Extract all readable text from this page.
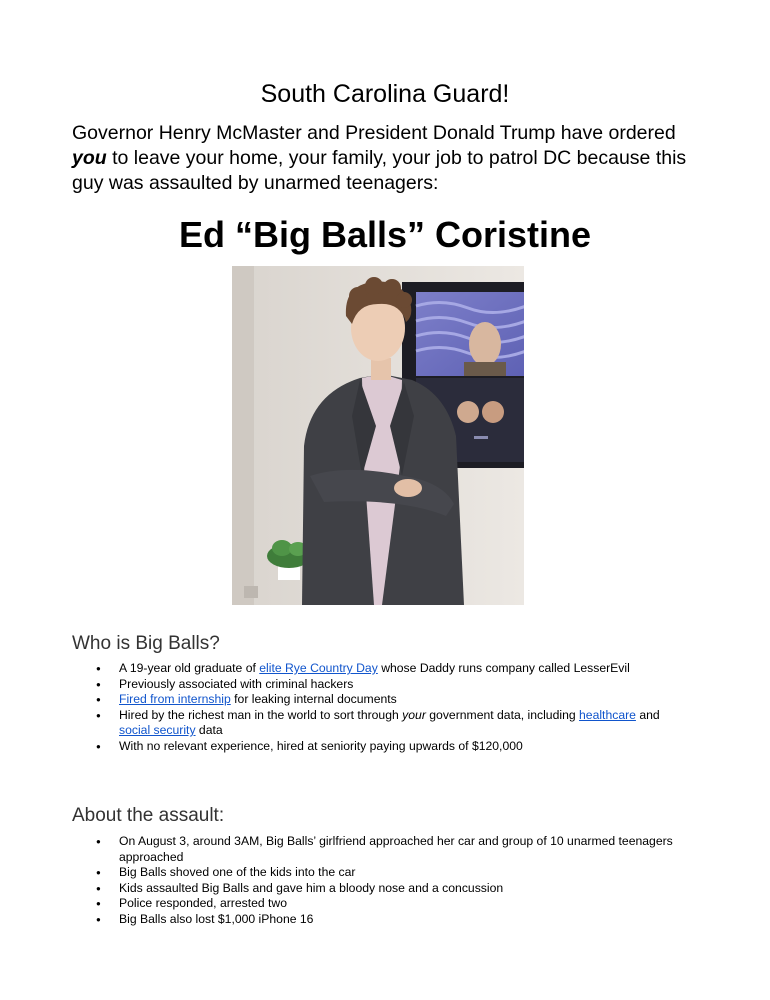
South Carolina Guard!
Governor Henry McMaster and President Donald Trump have ordered you to leave your home, your family, your job to patrol DC because this guy was assaulted by unarmed teenagers:
Ed “Big Balls” Coristine
Who is Big Balls?
● A 19-year old graduate of elite Rye Country Day whose Daddy runs company called LesserEvil
● Previously associated with criminal hackers
● Fired from internship for leaking internal documents
● Hired by the richest man in the world to sort through your government data, including healthcare and social security data
● With no relevant experience, hired at seniority paying upwards of $120,000
About the assault:
● On August 3, around 3AM, Big Balls’ girlfriend approached her car and group of 10 unarmed teenagers approached
● Big Balls shoved one of the kids into the car
● Kids assaulted Big Balls and gave him a bloody nose and a concussion
● Police responded, arrested two
● Big Balls also lost $1,000 iPhone 16
